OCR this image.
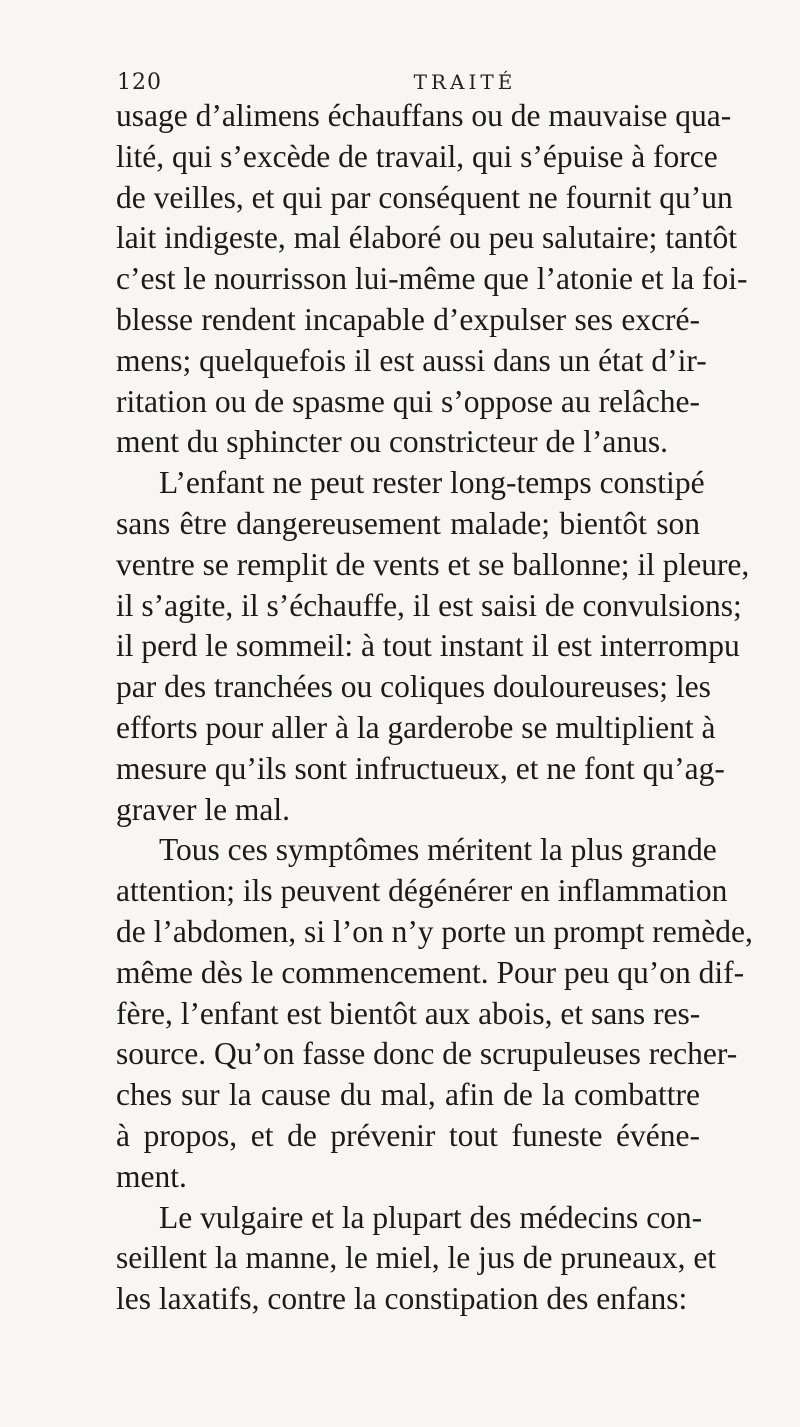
120	TRAITÉ
usage d’alimens échauffans ou de mauvaise qua-
lité, qui s’excède de travail, qui s’épuise à force
de veilles, et qui par conséquent ne fournit qu’un
lait indigeste, mal élaboré ou peu salutaire; tantôt
c’est le nourrisson lui-même que l’atonie et la foi-
blesse rendent incapable d’expulser ses excré-
mens; quelquefois il est aussi dans un état d’ir-
ritation ou de spasme qui s’oppose au relâche-
ment du sphincter ou constricteur de l’anus.
L’enfant ne peut rester long-temps constipé
sans être dangereusement malade; bientôt son
ventre se remplit de vents et se ballonne; il pleure,
il s’agite, il s’échauffe, il est saisi de convulsions;
il perd le sommeil: à tout instant il est interrompu
par des tranchées ou coliques douloureuses; les
efforts pour aller à la garderobe se multiplient à
mesure qu’ils sont infructueux, et ne font qu’ag-
graver le mal.
Tous ces symptômes méritent la plus grande
attention; ils peuvent dégénérer en inflammation
de l’abdomen, si l’on n’y porte un prompt remède,
même dès le commencement. Pour peu qu’on dif-
fère, l’enfant est bientôt aux abois, et sans res-
source. Qu’on fasse donc de scrupuleuses recher-
ches sur la cause du mal, afin de la combattre
à propos, et de prévenir tout funeste événe-
ment.
Le vulgaire et la plupart des médecins con-
seillent la manne, le miel, le jus de pruneaux, et
les laxatifs, contre la constipation des enfans:
